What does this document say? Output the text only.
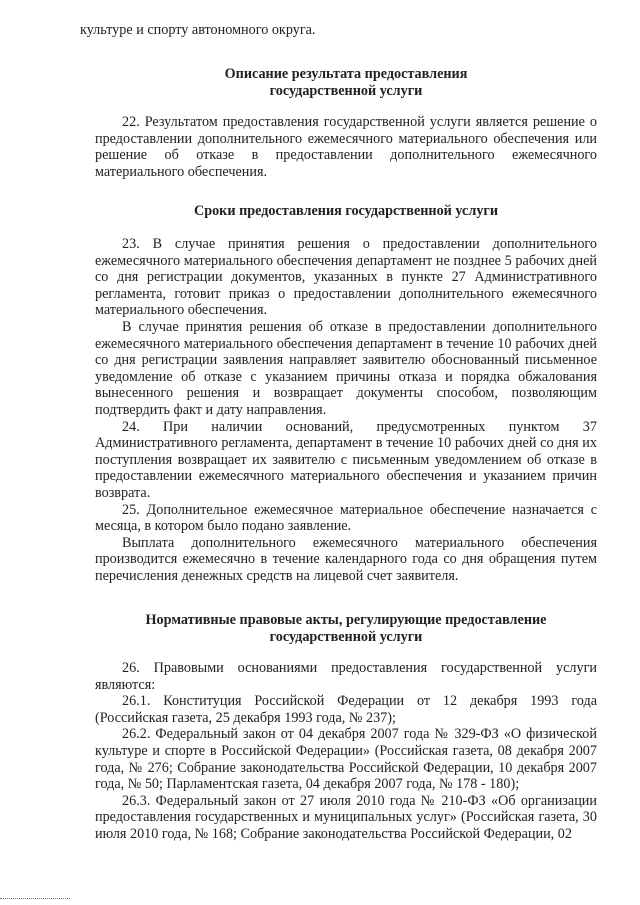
культуре и спорту автономного округа.

Описание результата предоставления
государственной услуги

22. Результатом предоставления государственной услуги является решение о предоставлении дополнительного ежемесячного материального обеспечения или решение об отказе в предоставлении дополнительного ежемесячного материального обеспечения.

Сроки предоставления государственной услуги

23. В случае принятия решения о предоставлении дополнительного ежемесячного материального обеспечения департамент не позднее 5 рабочих дней со дня регистрации документов, указанных в пункте 27 Административного регламента, готовит приказ о предоставлении дополнительного ежемесячного материального обеспечения.

В случае принятия решения об отказе в предоставлении дополнительного ежемесячного материального обеспечения департамент в течение 10 рабочих дней со дня регистрации заявления направляет заявителю обоснованный письменное уведомление об отказе с указанием причины отказа и порядка обжалования вынесенного решения и возвращает документы способом, позволяющим подтвердить факт и дату направления.

24. При наличии оснований, предусмотренных пунктом 37 Административного регламента, департамент в течение 10 рабочих дней со дня их поступления возвращает их заявителю с письменным уведомлением об отказе в предоставлении ежемесячного материального обеспечения и указанием причин возврата.

25. Дополнительное ежемесячное материальное обеспечение назначается с месяца, в котором было подано заявление.

Выплата дополнительного ежемесячного материального обеспечения производится ежемесячно в течение календарного года со дня обращения путем перечисления денежных средств на лицевой счет заявителя.

Нормативные правовые акты, регулирующие предоставление
государственной услуги

26. Правовыми основаниями предоставления государственной услуги являются:

26.1. Конституция Российской Федерации от 12 декабря 1993 года (Российская газета, 25 декабря 1993 года, № 237);

26.2. Федеральный закон от 04 декабря 2007 года № 329-ФЗ «О физической культуре и спорте в Российской Федерации» (Российская газета, 08 декабря 2007 года, № 276; Собрание законодательства Российской Федерации, 10 декабря 2007 года, № 50; Парламентская газета, 04 декабря 2007 года, № 178 - 180);

26.3. Федеральный закон от 27 июля 2010 года № 210-ФЗ «Об организации предоставления государственных и муниципальных услуг» (Российская газета, 30 июля 2010 года, № 168; Собрание законодательства Российской Федерации, 02
